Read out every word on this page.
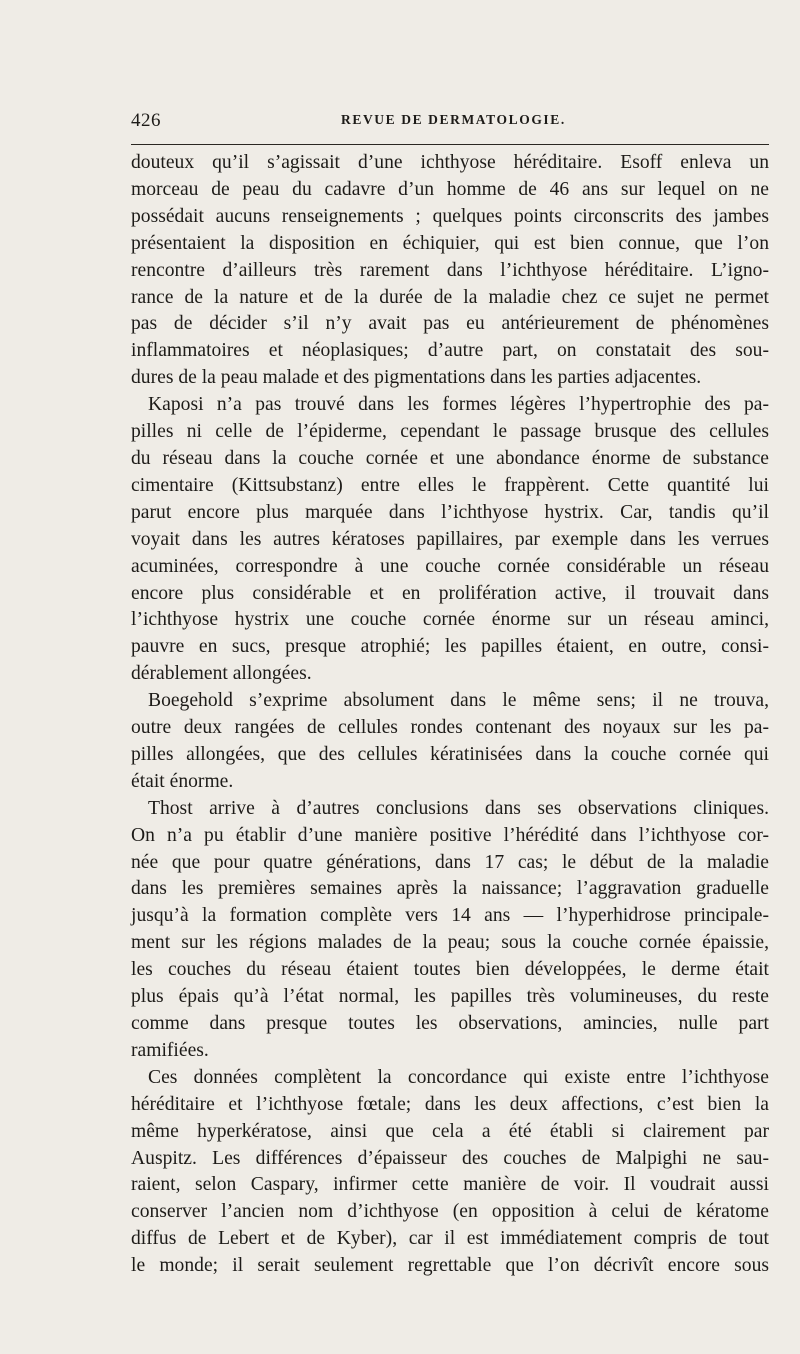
426	REVUE DE DERMATOLOGIE.
douteux qu’il s’agissait d’une ichthyose héréditaire. Esoff enleva un
morceau de peau du cadavre d’un homme de 46 ans sur lequel on ne
possédait aucuns renseignements ; quelques points circonscrits des jambes
présentaient la disposition en échiquier, qui est bien connue, que l’on
rencontre d’ailleurs très rarement dans l’ichthyose héréditaire. L’igno-
rance de la nature et de la durée de la maladie chez ce sujet ne permet
pas de décider s’il n’y avait pas eu antérieurement de phénomènes
inflammatoires et néoplasiques; d’autre part, on constatait des sou-
dures de la peau malade et des pigmentations dans les parties adjacentes.
Kaposi n’a pas trouvé dans les formes légères l’hypertrophie des pa-
pilles ni celle de l’épiderme, cependant le passage brusque des cellules
du réseau dans la couche cornée et une abondance énorme de substance
cimentaire (Kittsubstanz) entre elles le frappèrent. Cette quantité lui
parut encore plus marquée dans l’ichthyose hystrix. Car, tandis qu’il
voyait dans les autres kératoses papillaires, par exemple dans les verrues
acuminées, correspondre à une couche cornée considérable un réseau
encore plus considérable et en prolifération active, il trouvait dans
l’ichthyose hystrix une couche cornée énorme sur un réseau aminci,
pauvre en sucs, presque atrophié; les papilles étaient, en outre, consi-
dérablement allongées.
Boegehold s’exprime absolument dans le même sens; il ne trouva,
outre deux rangées de cellules rondes contenant des noyaux sur les pa-
pilles allongées, que des cellules kératinisées dans la couche cornée qui
était énorme.
Thost arrive à d’autres conclusions dans ses observations cliniques.
On n’a pu établir d’une manière positive l’hérédité dans l’ichthyose cor-
née que pour quatre générations, dans 17 cas; le début de la maladie
dans les premières semaines après la naissance; l’aggravation graduelle
jusqu’à la formation complète vers 14 ans — l’hyperhidrose principale-
ment sur les régions malades de la peau; sous la couche cornée épaissie,
les couches du réseau étaient toutes bien développées, le derme était
plus épais qu’à l’état normal, les papilles très volumineuses, du reste
comme dans presque toutes les observations, amincies, nulle part
ramifiées.
Ces données complètent la concordance qui existe entre l’ichthyose
héréditaire et l’ichthyose fœtale; dans les deux affections, c’est bien la
même hyperkératose, ainsi que cela a été établi si clairement par
Auspitz. Les différences d’épaisseur des couches de Malpighi ne sau-
raient, selon Caspary, infirmer cette manière de voir. Il voudrait aussi
conserver l’ancien nom d’ichthyose (en opposition à celui de kératome
diffus de Lebert et de Kyber), car il est immédiatement compris de tout
le monde; il serait seulement regrettable que l’on décrivît encore sous
